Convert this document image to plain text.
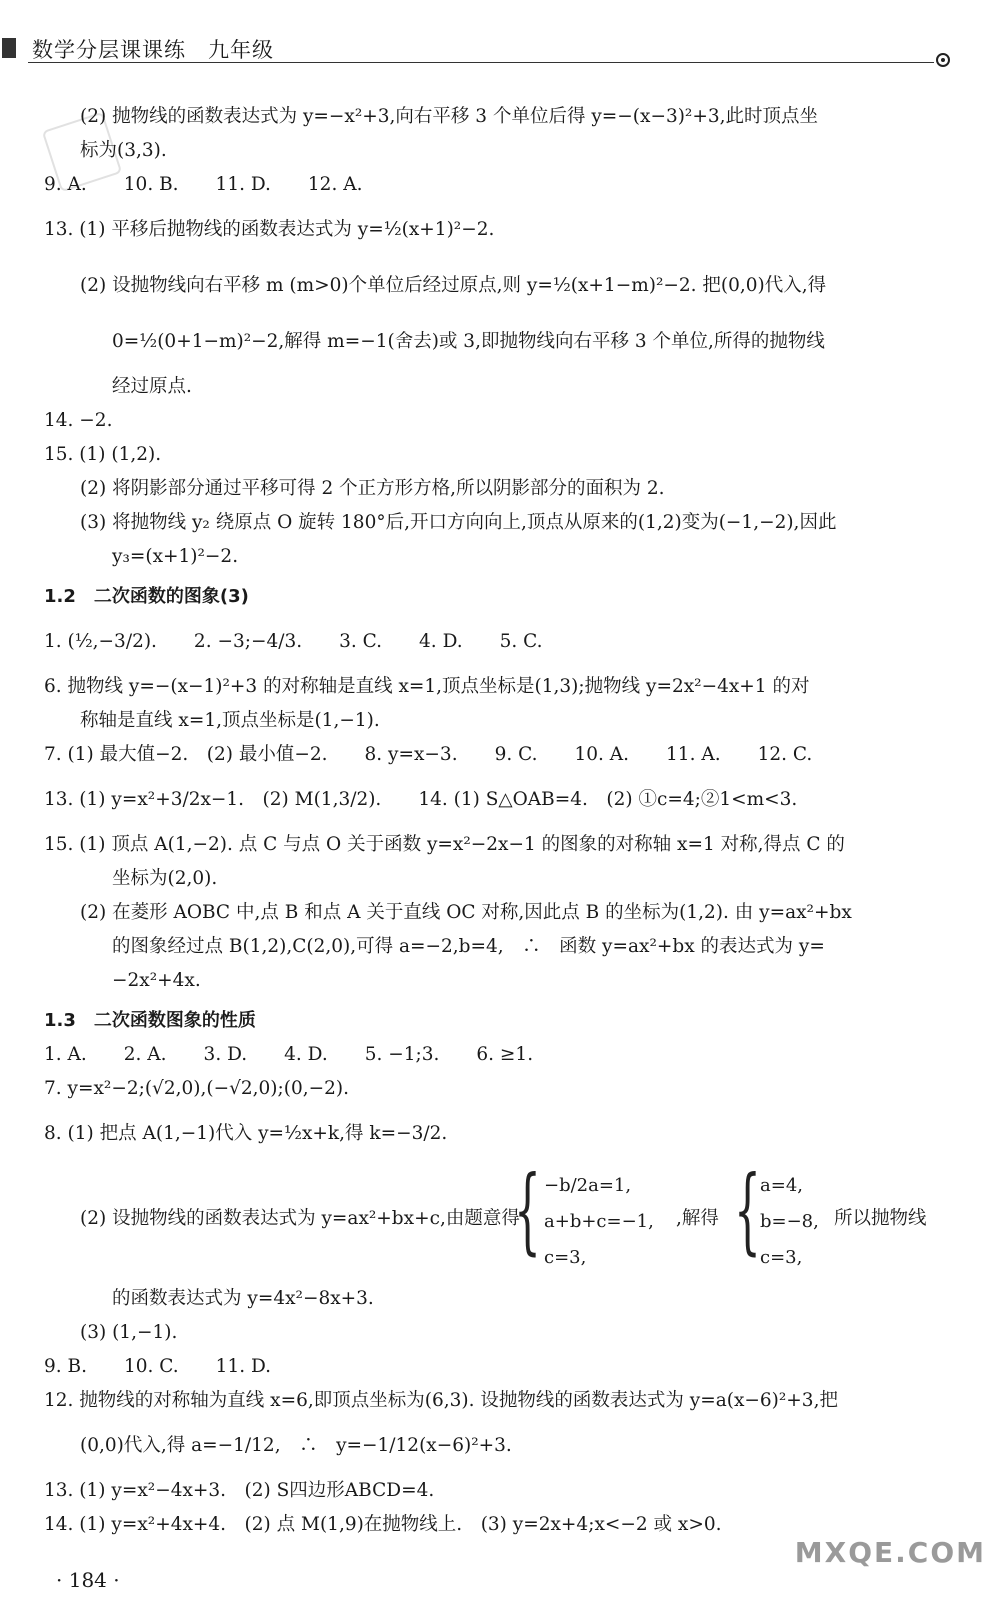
数学分层课课练　九年级
(2) 抛物线的函数表达式为 y=−x²+3,向右平移 3 个单位后得 y=−(x−3)²+3,此时顶点坐
标为(3,3).
9. A.　　10. B.　　11. D.　　12. A.
13. (1) 平移后抛物线的函数表达式为 y=½(x+1)²−2.
(2) 设抛物线向右平移 m (m>0)个单位后经过原点,则 y=½(x+1−m)²−2. 把(0,0)代入,得
0=½(0+1−m)²−2,解得 m=−1(舍去)或 3,即抛物线向右平移 3 个单位,所得的抛物线
经过原点.
14. −2.
15. (1) (1,2).
(2) 将阴影部分通过平移可得 2 个正方形方格,所以阴影部分的面积为 2.
(3) 将抛物线 y₂ 绕原点 O 旋转 180°后,开口方向向上,顶点从原来的(1,2)变为(−1,−2),因此
y₃=(x+1)²−2.
1.2　二次函数的图象(3)
1. (½,−3/2).　　2. −3;−4/3.　　3. C.　　4. D.　　5. C.
6. 抛物线 y=−(x−1)²+3 的对称轴是直线 x=1,顶点坐标是(1,3);抛物线 y=2x²−4x+1 的对
称轴是直线 x=1,顶点坐标是(1,−1).
7. (1) 最大值−2.　(2) 最小值−2.　　8. y=x−3.　　9. C.　　10. A.　　11. A.　　12. C.
13. (1) y=x²+3/2x−1.　(2) M(1,3/2).　　14. (1) S△OAB=4.　(2) ①c=4;②1<m<3.
15. (1) 顶点 A(1,−2). 点 C 与点 O 关于函数 y=x²−2x−1 的图象的对称轴 x=1 对称,得点 C 的
坐标为(2,0).
(2) 在菱形 AOBC 中,点 B 和点 A 关于直线 OC 对称,因此点 B 的坐标为(1,2). 由 y=ax²+bx
的图象经过点 B(1,2),C(2,0),可得 a=−2,b=4,　∴　函数 y=ax²+bx 的表达式为 y=
−2x²+4x.
1.3　二次函数图象的性质
1. A.　　2. A.　　3. D.　　4. D.　　5. −1;3.　　6. ≥1.
7. y=x²−2;(√2,0),(−√2,0);(0,−2).
8. (1) 把点 A(1,−1)代入 y=½x+k,得 k=−3/2.
(2) 设抛物线的函数表达式为 y=ax²+bx+c,由题意得
{ −b/2a=1,
a+b+c=−1,
c=3,
,解得 { a=4,
b=−8,
c=3,
所以抛物线
的函数表达式为 y=4x²−8x+3.
(3) (1,−1).
9. B.　　10. C.　　11. D.
12. 抛物线的对称轴为直线 x=6,即顶点坐标为(6,3). 设抛物线的函数表达式为 y=a(x−6)²+3,把
(0,0)代入,得 a=−1/12,　∴　y=−1/12(x−6)²+3.
13. (1) y=x²−4x+3.　(2) S四边形ABCD=4.
14. (1) y=x²+4x+4.　(2) 点 M(1,9)在抛物线上.　(3) y=2x+4;x<−2 或 x>0.
· 184 ·
MXQE.COM
